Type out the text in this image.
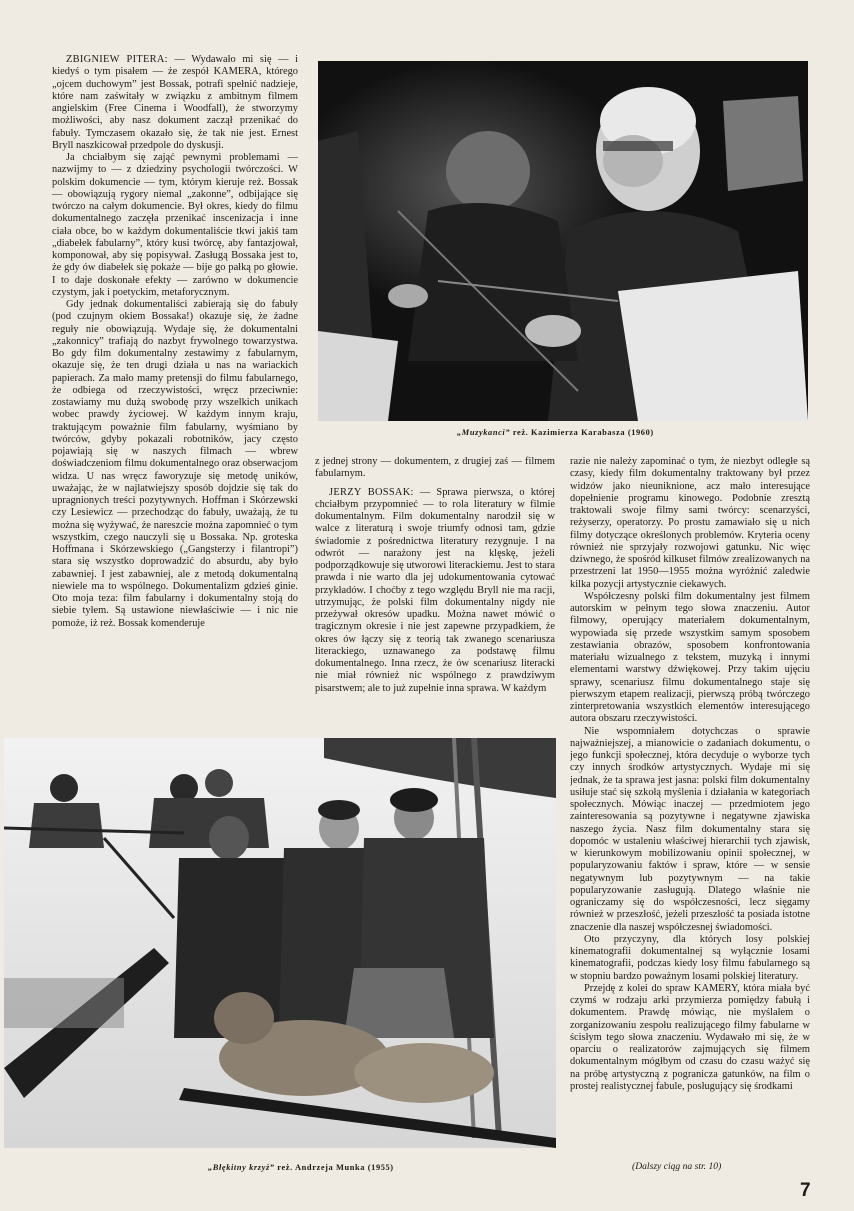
ZBIGNIEW PITERA: — Wydawało mi się — i kiedyś o tym pisałem — że zespół KAMERA, którego „ojcem duchowym” jest Bossak, potrafi spełnić nadzieje, które nam zaświtały w związku z ambitnym filmem angielskim (Free Cinema i Woodfall), że stworzymy możliwości, aby nasz dokument zaczął przenikać do fabuły. Tymczasem okazało się, że tak nie jest. Ernest Bryll naszkicował przedpole do dyskusji.

Ja chciałbym się zająć pewnymi problemami — nazwijmy to — z dziedziny psychologii twórczości. W polskim dokumencie — tym, którym kieruje reż. Bossak — obowiązują rygory niemal „zakonne”, odbijające się twórczo na całym dokumencie. Był okres, kiedy do filmu dokumentalnego zaczęła przenikać inscenizacja i inne ciała obce, bo w każdym dokumentaliście tkwi jakiś tam „diabełek fabularny”, który kusi twórcę, aby fantazjował, komponował, aby się popisywał. Zasługą Bossaka jest to, że gdy ów diabełek się pokaże — bije go pałką po głowie. I to daje doskonałe efekty — zarówno w dokumencie czystym, jak i poetyckim, metaforycznym.

Gdy jednak dokumentaliści zabierają się do fabuły (pod czujnym okiem Bossaka!) okazuje się, że żadne reguły nie obowiązują. Wydaje się, że dokumentalni „zakonnicy” trafiają do nazbyt frywolnego towarzystwa. Bo gdy film dokumentalny zestawimy z fabularnym, okazuje się, że ten drugi działa u nas na wariackich papierach. Za mało mamy pretensji do filmu fabularnego, że odbiega od rzeczywistości, wręcz przeciwnie: zostawiamy mu dużą swobodę przy wszelkich unikach wobec prawdy życiowej. W każdym innym kraju, traktującym poważnie film fabularny, wyśmiano by twórców, gdyby pokazali robotników, jacy często pojawiają się w naszych filmach — wbrew doświadczeniom filmu dokumentalnego oraz obserwacjom widza. U nas wręcz faworyzuje się metodę uników, uważając, że w najlatwiejszy sposób dojdzie się tak do upragnionych treści pozytywnych. Hoffman i Skórzewski czy Lesiewicz — przechodząc do fabuły, uważają, że tu można się wyżywać, że nareszcie można zapomnieć o tym wszystkim, czego nauczyli się u Bossaka. Np. groteska Hoffmana i Skórzewskiego („Gangsterzy i filantropi”) stara się wszystko doprowadzić do absurdu, aby było zabawniej. I jest zabawniej, ale z metodą dokumentalną niewiele ma to wspólnego. Dokumentalizm gdzieś ginie. Oto moja teza: film fabularny i dokumentalny stoją do siebie tyłem. Są ustawione niewłaściwie — i nic nie pomoże, iż reż. Bossak komenderuje

„Muzykanci” reż. Kazimierza Karabasza (1960)

z jednej strony — dokumentem, z drugiej zaś — filmem fabularnym.

JERZY BOSSAK: — Sprawa pierwsza, o której chciałbym przypomnieć — to rola literatury w filmie dokumentalnym. Film dokumentalny narodził się w walce z literaturą i swoje triumfy odnosi tam, gdzie świadomie z pośrednictwa literatury rezygnuje. I na odwrót — narażony jest na klęskę, jeżeli podporządkowuje się utworowi literackiemu. Jest to stara prawda i nie warto dla jej udokumentowania cytować przykładów. I choćby z tego względu Bryll nie ma racji, utrzymując, że polski film dokumentalny nigdy nie przeżywał okresów upadku. Można nawet mówić o tragicznym okresie i nie jest zapewne przypadkiem, że okres ów łączy się z teorią tak zwanego scenariusza literackiego, uznawanego za podstawę filmu dokumentalnego. Inna rzecz, że ów scenariusz literacki nie miał również nic wspólnego z prawdziwym pisarstwem; ale to już zupełnie inna sprawa. W każdym

razie nie należy zapominać o tym, że niezbyt odległe są czasy, kiedy film dokumentalny traktowany był przez widzów jako nieuniknione, acz mało interesujące dopełnienie programu kinowego. Podobnie zresztą traktowali swoje filmy sami twórcy: scenarzyści, reżyserzy, operatorzy. Po prostu zamawiało się u nich filmy dotyczące określonych problemów. Kryteria oceny również nie sprzyjały rozwojowi gatunku. Nic więc dziwnego, że spośród kilkuset filmów zrealizowanych na przestrzeni lat 1950—1955 można wyróżnić zaledwie kilka pozycji artystycznie ciekawych.

Współczesny polski film dokumentalny jest filmem autorskim w pełnym tego słowa znaczeniu. Autor filmowy, operujący materiałem dokumentalnym, wypowiada się przede wszystkim samym sposobem zestawiania obrazów, sposobem konfrontowania materiału wizualnego z tekstem, muzyką i innymi elementami warstwy dźwiękowej. Przy takim ujęciu sprawy, scenariusz filmu dokumentalnego staje się pierwszym etapem realizacji, pierwszą próbą twórczego zinterpretowania wszystkich elementów interesującego autora obszaru rzeczywistości.

Nie wspomniałem dotychczas o sprawie najważniejszej, a mianowicie o zadaniach dokumentu, o jego funkcji społecznej, która decyduje o wyborze tych czy innych środków artystycznych. Wydaje mi się jednak, że ta sprawa jest jasna: polski film dokumentalny usiłuje stać się szkołą myślenia i działania w kategoriach społecznych. Mówiąc inaczej — przedmiotem jego zainteresowania są pozytywne i negatywne zjawiska naszego życia. Nasz film dokumentalny stara się dopomóc w ustaleniu właściwej hierarchii tych zjawisk, w kierunkowym mobilizowaniu opinii społecznej, w popularyzowaniu faktów i spraw, które — w sensie negatywnym lub pozytywnym — na takie popularyzowanie zasługują. Dlatego właśnie nie ograniczamy się do współczesności, lecz sięgamy również w przeszłość, jeżeli przeszłość ta posiada istotne znaczenie dla naszej współczesnej świadomości.

Oto przyczyny, dla których losy polskiej kinematografii dokumentalnej są wyłącznie losami kinematografii, podczas kiedy losy filmu fabularnego są w stopniu bardzo poważnym losami polskiej literatury.

Przejdę z kolei do spraw KAMERY, która miała być czymś w rodzaju arki przymierza pomiędzy fabułą i dokumentem. Prawdę mówiąc, nie myślałem o zorganizowaniu zespołu realizującego filmy fabularne w ścisłym tego słowa znaczeniu. Wydawało mi się, że w oparciu o realizatorów zajmujących się filmem dokumentalnym mógłbym od czasu do czasu ważyć się na próbę artystyczną z pogranicza gatunków, na film o prostej realistycznej fabule, posługujący się środkami

„Błękitny krzyż” reż. Andrzeja Munka (1955)	(Dalszy ciąg na str. 10)
7
